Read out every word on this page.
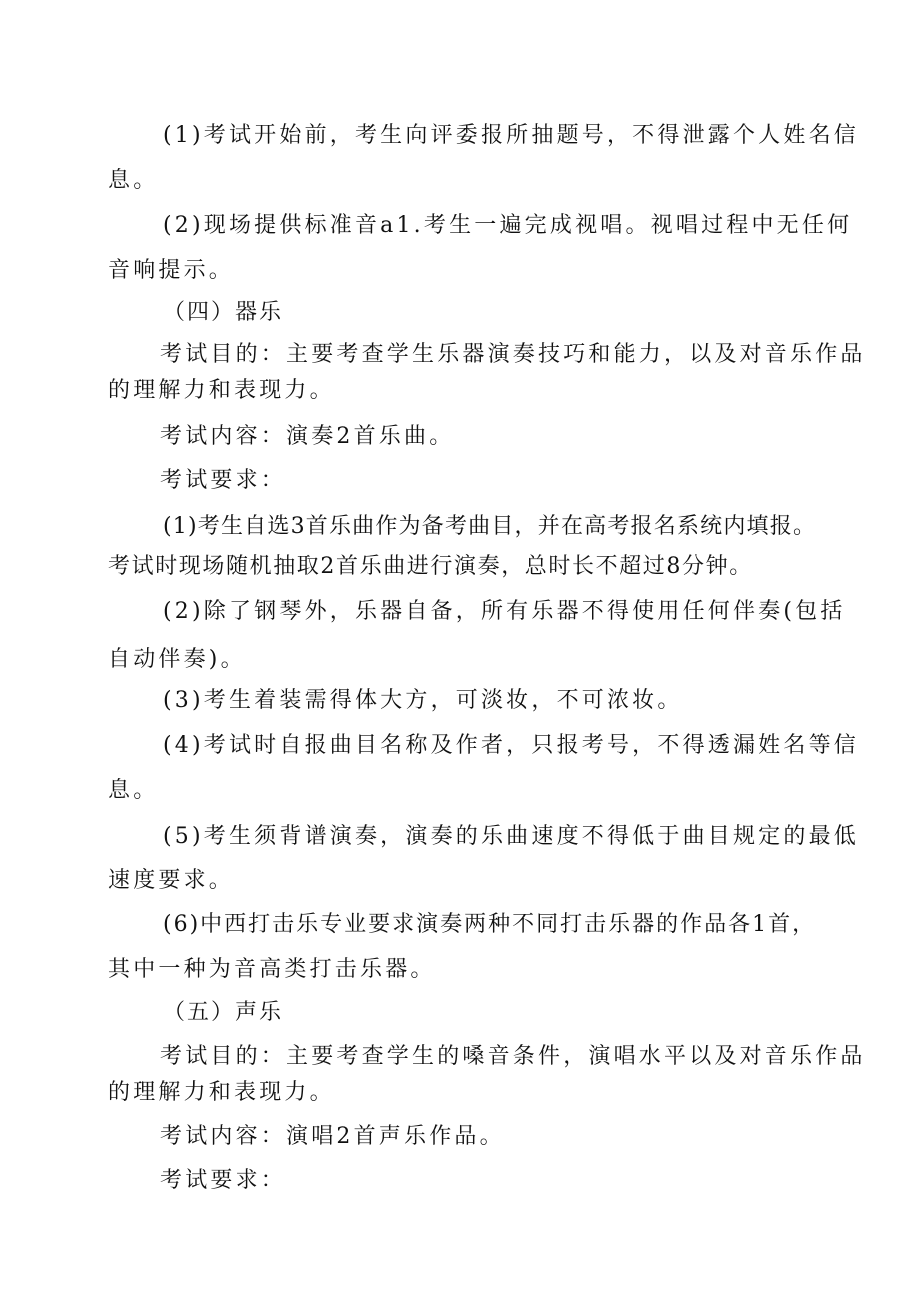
(1)考试开始前，考生向评委报所抽题号，不得泄露个人姓名信

息。

(2)现场提供标准音a1.考生一遍完成视唱。视唱过程中无任何

音响提示。

（四）器乐

考试目的：主要考查学生乐器演奏技巧和能力，以及对音乐作品

的理解力和表现力。

考试内容：演奏2首乐曲。

考试要求：

(1)考生自选3首乐曲作为备考曲目，并在高考报名系统内填报。

考试时现场随机抽取2首乐曲进行演奏，总时长不超过8分钟。

(2)除了钢琴外，乐器自备，所有乐器不得使用任何伴奏(包括

自动伴奏)。

(3)考生着装需得体大方，可淡妆，不可浓妆。

(4)考试时自报曲目名称及作者，只报考号，不得透漏姓名等信

息。

(5)考生须背谱演奏，演奏的乐曲速度不得低于曲目规定的最低

速度要求。

(6)中西打击乐专业要求演奏两种不同打击乐器的作品各1首，

其中一种为音高类打击乐器。

（五）声乐

考试目的：主要考查学生的嗓音条件，演唱水平以及对音乐作品

的理解力和表现力。

考试内容：演唱2首声乐作品。

考试要求：
